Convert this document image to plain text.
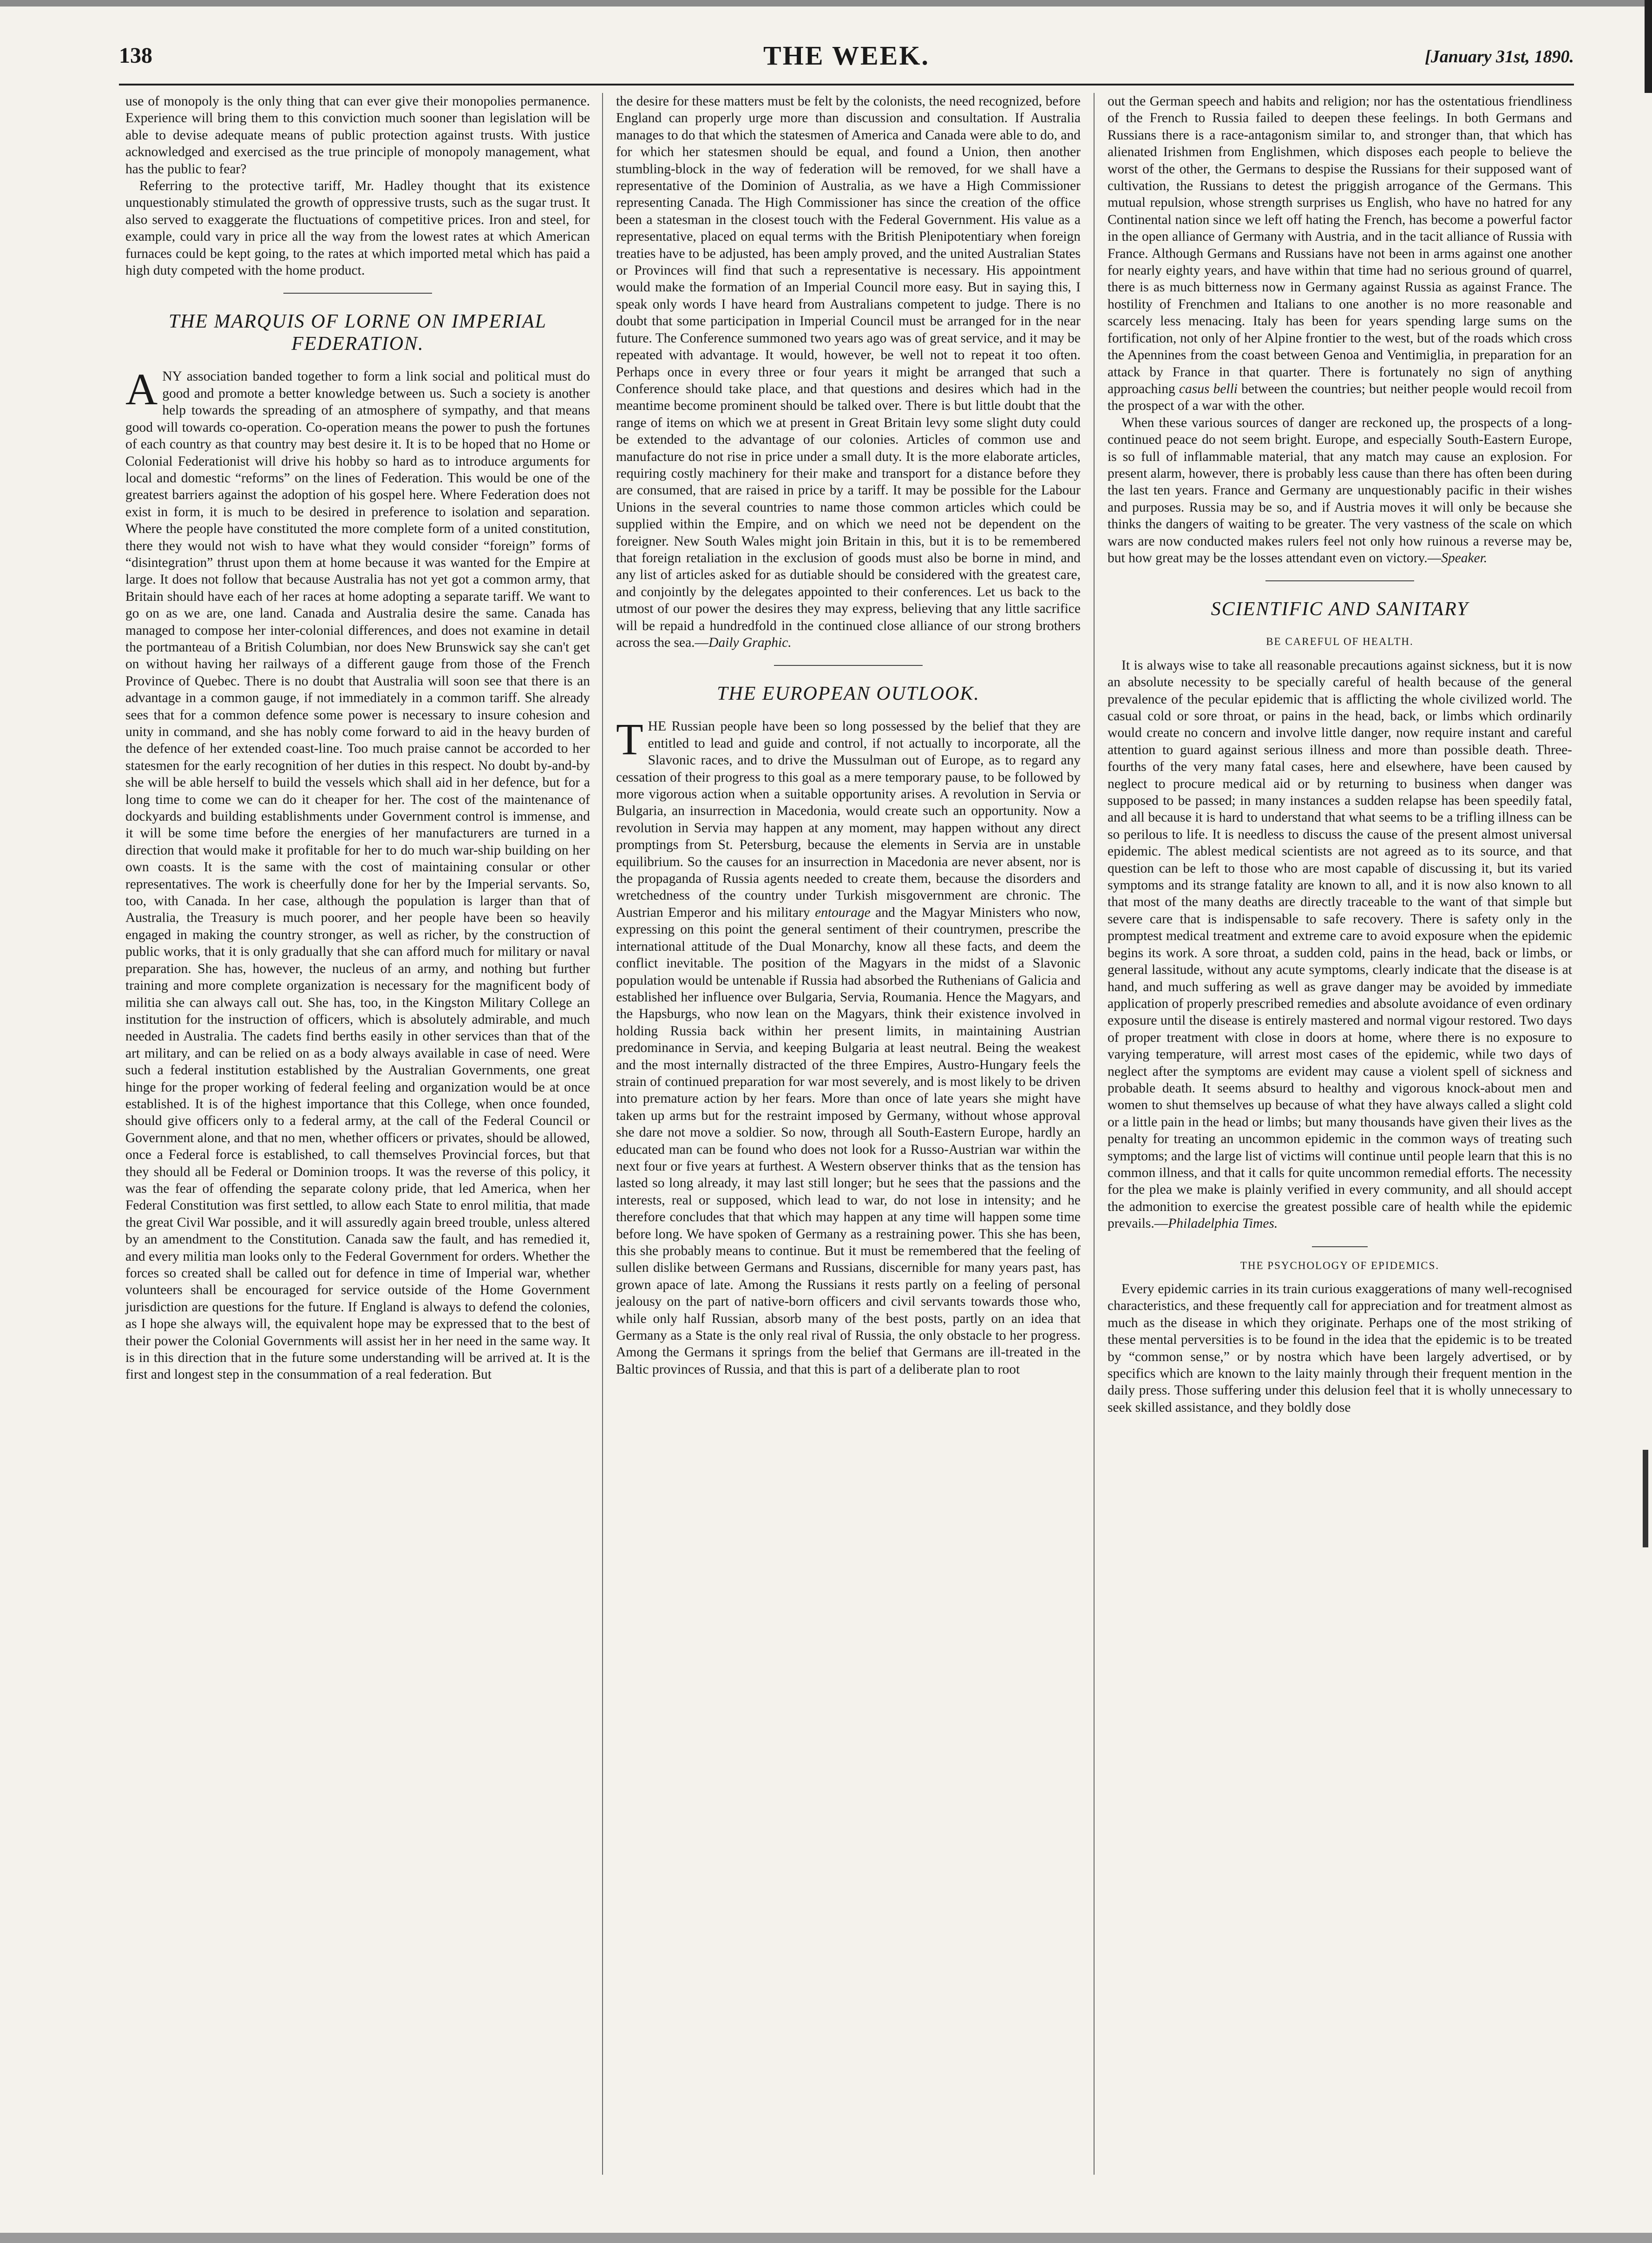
THE WEEK.
138	[January 31st, 1890.

use of monopoly is the only thing that can ever give their monopolies permanence. Experience will bring them to this conviction much sooner than legislation will be able to devise adequate means of public protection against trusts. With justice acknowledged and exercised as the true principle of monopoly management, what has the public to fear?

Referring to the protective tariff, Mr. Hadley thought that its existence unquestionably stimulated the growth of oppressive trusts, such as the sugar trust. It also served to exaggerate the fluctuations of competitive prices. Iron and steel, for example, could vary in price all the way from the lowest rates at which American furnaces could be kept going, to the rates at which imported metal which has paid a high duty competed with the home product.

THE MARQUIS OF LORNE ON IMPERIAL FEDERATION.

ANY association banded together to form a link social and political must do good and promote a better knowledge between us. Such a society is another help towards the spreading of an atmosphere of sympathy, and that means good will towards co-operation. Co-operation means the power to push the fortunes of each country as that country may best desire it. It is to be hoped that no Home or Colonial Federationist will drive his hobby so hard as to introduce arguments for local and domestic “reforms” on the lines of Federation. This would be one of the greatest barriers against the adoption of his gospel here. Where Federation does not exist in form, it is much to be desired in preference to isolation and separation. Where the people have constituted the more complete form of a united constitution, there they would not wish to have what they would consider “foreign” forms of “disintegration” thrust upon them at home because it was wanted for the Empire at large. It does not follow that because Australia has not yet got a common army, that Britain should have each of her races at home adopting a separate tariff. We want to go on as we are, one land. Canada and Australia desire the same. Canada has managed to compose her inter-colonial differences, and does not examine in detail the portmanteau of a British Columbian, nor does New Brunswick say she can't get on without having her railways of a different gauge from those of the French Province of Quebec. There is no doubt that Australia will soon see that there is an advantage in a common gauge, if not immediately in a common tariff. She already sees that for a common defence some power is necessary to insure cohesion and unity in command, and she has nobly come forward to aid in the heavy burden of the defence of her extended coast-line. Too much praise cannot be accorded to her statesmen for the early recognition of her duties in this respect. No doubt by-and-by she will be able herself to build the vessels which shall aid in her defence, but for a long time to come we can do it cheaper for her. The cost of the maintenance of dockyards and building establishments under Government control is immense, and it will be some time before the energies of her manufacturers are turned in a direction that would make it profitable for her to do much war-ship building on her own coasts. It is the same with the cost of maintaining consular or other representatives. The work is cheerfully done for her by the Imperial servants. So, too, with Canada. In her case, although the population is larger than that of Australia, the Treasury is much poorer, and her people have been so heavily engaged in making the country stronger, as well as richer, by the construction of public works, that it is only gradually that she can afford much for military or naval preparation. She has, however, the nucleus of an army, and nothing but further training and more complete organization is necessary for the magnificent body of militia she can always call out. She has, too, in the Kingston Military College an institution for the instruction of officers, which is absolutely admirable, and much needed in Australia. The cadets find berths easily in other services than that of the art military, and can be relied on as a body always available in case of need. Were such a federal institution established by the Australian Governments, one great hinge for the proper working of federal feeling and organization would be at once established. It is of the highest importance that this College, when once founded, should give officers only to a federal army, at the call of the Federal Council or Government alone, and that no men, whether officers or privates, should be allowed, once a Federal force is established, to call themselves Provincial forces, but that they should all be Federal or Dominion troops. It was the reverse of this policy, it was the fear of offending the separate colony pride, that led America, when her Federal Constitution was first settled, to allow each State to enrol militia, that made the great Civil War possible, and it will assuredly again breed trouble, unless altered by an amendment to the Constitution. Canada saw the fault, and has remedied it, and every militia man looks only to the Federal Government for orders. Whether the forces so created shall be called out for defence in time of Imperial war, whether volunteers shall be encouraged for service outside of the Home Government jurisdiction are questions for the future. If England is always to defend the colonies, as I hope she always will, the equivalent hope may be expressed that to the best of their power the Colonial Governments will assist her in her need in the same way. It is in this direction that in the future some understanding will be arrived at. It is the first and longest step in the consummation of a real federation. But

the desire for these matters must be felt by the colonists, the need recognized, before England can properly urge more than discussion and consultation. If Australia manages to do that which the statesmen of America and Canada were able to do, and for which her statesmen should be equal, and found a Union, then another stumbling-block in the way of federation will be removed, for we shall have a representative of the Dominion of Australia, as we have a High Commissioner representing Canada. The High Commissioner has since the creation of the office been a statesman in the closest touch with the Federal Government. His value as a representative, placed on equal terms with the British Plenipotentiary when foreign treaties have to be adjusted, has been amply proved, and the united Australian States or Provinces will find that such a representative is necessary. His appointment would make the formation of an Imperial Council more easy. But in saying this, I speak only words I have heard from Australians competent to judge. There is no doubt that some participation in Imperial Council must be arranged for in the near future. The Conference summoned two years ago was of great service, and it may be repeated with advantage. It would, however, be well not to repeat it too often. Perhaps once in every three or four years it might be arranged that such a Conference should take place, and that questions and desires which had in the meantime become prominent should be talked over. There is but little doubt that the range of items on which we at present in Great Britain levy some slight duty could be extended to the advantage of our colonies. Articles of common use and manufacture do not rise in price under a small duty. It is the more elaborate articles, requiring costly machinery for their make and transport for a distance before they are consumed, that are raised in price by a tariff. It may be possible for the Labour Unions in the several countries to name those common articles which could be supplied within the Empire, and on which we need not be dependent on the foreigner. New South Wales might join Britain in this, but it is to be remembered that foreign retaliation in the exclusion of goods must also be borne in mind, and any list of articles asked for as dutiable should be considered with the greatest care, and conjointly by the delegates appointed to their conferences. Let us back to the utmost of our power the desires they may express, believing that any little sacrifice will be repaid a hundredfold in the continued close alliance of our strong brothers across the sea.—Daily Graphic.

THE EUROPEAN OUTLOOK.

THE Russian people have been so long possessed by the belief that they are entitled to lead and guide and control, if not actually to incorporate, all the Slavonic races, and to drive the Mussulman out of Europe, as to regard any cessation of their progress to this goal as a mere temporary pause, to be followed by more vigorous action when a suitable opportunity arises. A revolution in Servia or Bulgaria, an insurrection in Macedonia, would create such an opportunity. Now a revolution in Servia may happen at any moment, may happen without any direct promptings from St. Petersburg, because the elements in Servia are in unstable equilibrium. So the causes for an insurrection in Macedonia are never absent, nor is the propaganda of Russia agents needed to create them, because the disorders and wretchedness of the country under Turkish misgovernment are chronic. The Austrian Emperor and his military entourage and the Magyar Ministers who now, expressing on this point the general sentiment of their countrymen, prescribe the international attitude of the Dual Monarchy, know all these facts, and deem the conflict inevitable. The position of the Magyars in the midst of a Slavonic population would be untenable if Russia had absorbed the Ruthenians of Galicia and established her influence over Bulgaria, Servia, Roumania. Hence the Magyars, and the Hapsburgs, who now lean on the Magyars, think their existence involved in holding Russia back within her present limits, in maintaining Austrian predominance in Servia, and keeping Bulgaria at least neutral. Being the weakest and the most internally distracted of the three Empires, Austro-Hungary feels the strain of continued preparation for war most severely, and is most likely to be driven into premature action by her fears. More than once of late years she might have taken up arms but for the restraint imposed by Germany, without whose approval she dare not move a soldier. So now, through all South-Eastern Europe, hardly an educated man can be found who does not look for a Russo-Austrian war within the next four or five years at furthest. A Western observer thinks that as the tension has lasted so long already, it may last still longer; but he sees that the passions and the interests, real or supposed, which lead to war, do not lose in intensity; and he therefore concludes that that which may happen at any time will happen some time before long. We have spoken of Germany as a restraining power. This she has been, this she probably means to continue. But it must be remembered that the feeling of sullen dislike between Germans and Russians, discernible for many years past, has grown apace of late. Among the Russians it rests partly on a feeling of personal jealousy on the part of native-born officers and civil servants towards those who, while only half Russian, absorb many of the best posts, partly on an idea that Germany as a State is the only real rival of Russia, the only obstacle to her progress. Among the Germans it springs from the belief that Germans are ill-treated in the Baltic provinces of Russia, and that this is part of a deliberate plan to root

out the German speech and habits and religion; nor has the ostentatious friendliness of the French to Russia failed to deepen these feelings. In both Germans and Russians there is a race-antagonism similar to, and stronger than, that which has alienated Irishmen from Englishmen, which disposes each people to believe the worst of the other, the Germans to despise the Russians for their supposed want of cultivation, the Russians to detest the priggish arrogance of the Germans. This mutual repulsion, whose strength surprises us English, who have no hatred for any Continental nation since we left off hating the French, has become a powerful factor in the open alliance of Germany with Austria, and in the tacit alliance of Russia with France. Although Germans and Russians have not been in arms against one another for nearly eighty years, and have within that time had no serious ground of quarrel, there is as much bitterness now in Germany against Russia as against France. The hostility of Frenchmen and Italians to one another is no more reasonable and scarcely less menacing. Italy has been for years spending large sums on the fortification, not only of her Alpine frontier to the west, but of the roads which cross the Apennines from the coast between Genoa and Ventimiglia, in preparation for an attack by France in that quarter. There is fortunately no sign of anything approaching casus belli between the countries; but neither people would recoil from the prospect of a war with the other.

When these various sources of danger are reckoned up, the prospects of a long-continued peace do not seem bright. Europe, and especially South-Eastern Europe, is so full of inflammable material, that any match may cause an explosion. For present alarm, however, there is probably less cause than there has often been during the last ten years. France and Germany are unquestionably pacific in their wishes and purposes. Russia may be so, and if Austria moves it will only be because she thinks the dangers of waiting to be greater. The very vastness of the scale on which wars are now conducted makes rulers feel not only how ruinous a reverse may be, but how great may be the losses attendant even on victory.—Speaker.

SCIENTIFIC AND SANITARY
BE CAREFUL OF HEALTH.

It is always wise to take all reasonable precautions against sickness, but it is now an absolute necessity to be specially careful of health because of the general prevalence of the pecular epidemic that is afflicting the whole civilized world. The casual cold or sore throat, or pains in the head, back, or limbs which ordinarily would create no concern and involve little danger, now require instant and careful attention to guard against serious illness and more than possible death. Three-fourths of the very many fatal cases, here and elsewhere, have been caused by neglect to procure medical aid or by returning to business when danger was supposed to be passed; in many instances a sudden relapse has been speedily fatal, and all because it is hard to understand that what seems to be a trifling illness can be so perilous to life. It is needless to discuss the cause of the present almost universal epidemic. The ablest medical scientists are not agreed as to its source, and that question can be left to those who are most capable of discussing it, but its varied symptoms and its strange fatality are known to all, and it is now also known to all that most of the many deaths are directly traceable to the want of that simple but severe care that is indispensable to safe recovery. There is safety only in the promptest medical treatment and extreme care to avoid exposure when the epidemic begins its work. A sore throat, a sudden cold, pains in the head, back or limbs, or general lassitude, without any acute symptoms, clearly indicate that the disease is at hand, and much suffering as well as grave danger may be avoided by immediate application of properly prescribed remedies and absolute avoidance of even ordinary exposure until the disease is entirely mastered and normal vigour restored. Two days of proper treatment with close in doors at home, where there is no exposure to varying temperature, will arrest most cases of the epidemic, while two days of neglect after the symptoms are evident may cause a violent spell of sickness and probable death. It seems absurd to healthy and vigorous knock-about men and women to shut themselves up because of what they have always called a slight cold or a little pain in the head or limbs; but many thousands have given their lives as the penalty for treating an uncommon epidemic in the common ways of treating such symptoms; and the large list of victims will continue until people learn that this is no common illness, and that it calls for quite uncommon remedial efforts. The necessity for the plea we make is plainly verified in every community, and all should accept the admonition to exercise the greatest possible care of health while the epidemic prevails.—Philadelphia Times.

THE PSYCHOLOGY OF EPIDEMICS.

Every epidemic carries in its train curious exaggerations of many well-recognised characteristics, and these frequently call for appreciation and for treatment almost as much as the disease in which they originate. Perhaps one of the most striking of these mental perversities is to be found in the idea that the epidemic is to be treated by “common sense,” or by nostra which have been largely advertised, or by specifics which are known to the laity mainly through their frequent mention in the daily press. Those suffering under this delusion feel that it is wholly unnecessary to seek skilled assistance, and they boldly dose
